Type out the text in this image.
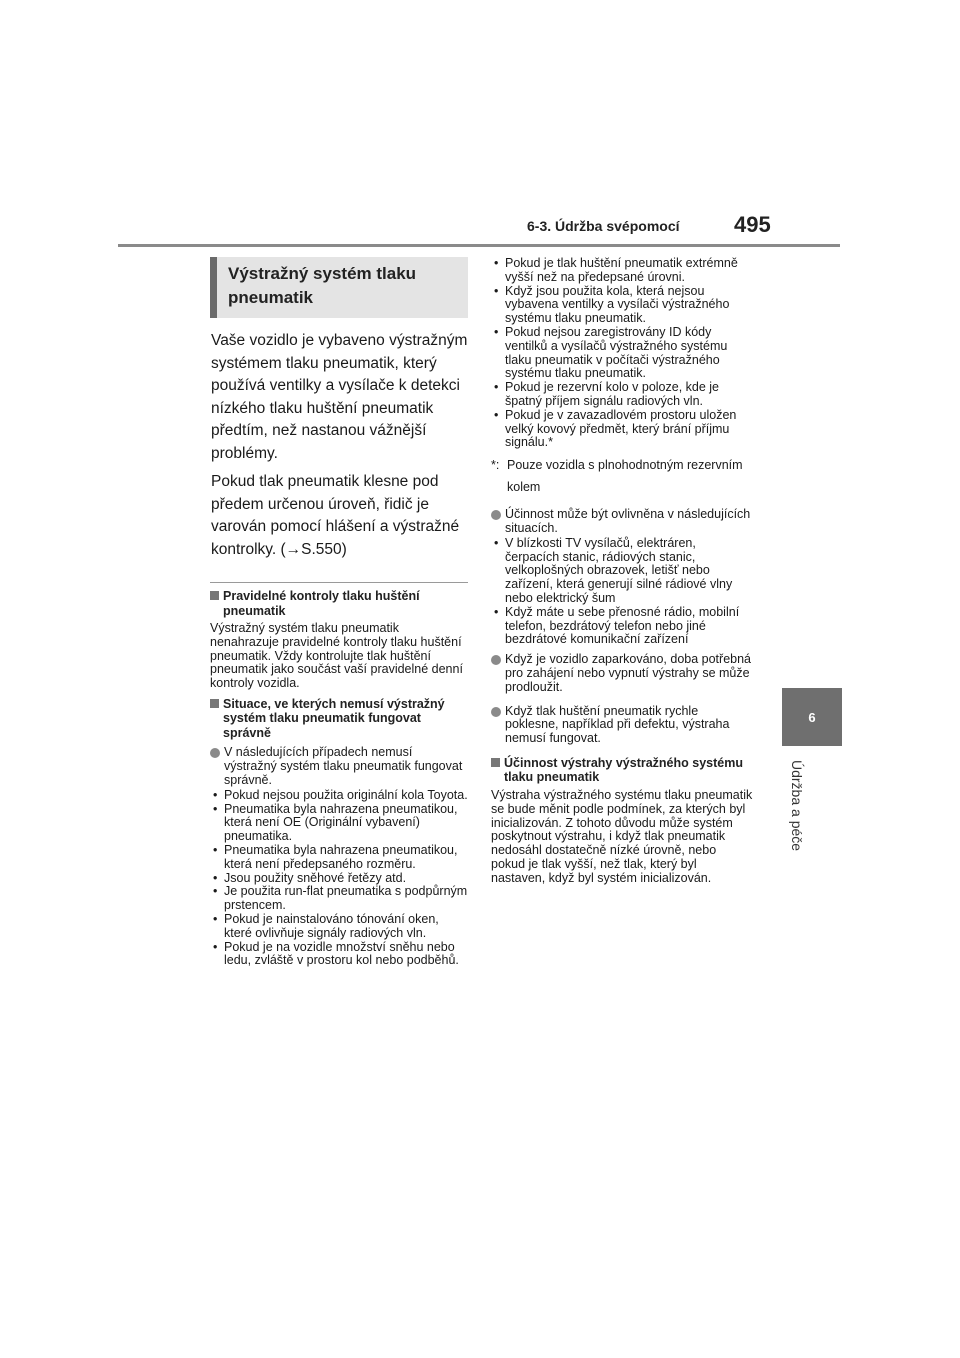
6-3. Údržba svépomocí 495
6
Údržba a péče
Výstražný systém tlaku pneumatik

Vaše vozidlo je vybaveno výstražným systémem tlaku pneumatik, který používá ventilky a vysílače k detekci nízkého tlaku huštění pneumatik předtím, než nastanou vážnější problémy.

Pokud tlak pneumatik klesne pod předem určenou úroveň, řidič je varován pomocí hlášení a výstražné kontrolky. (→S.550)

Pravidelné kontroly tlaku huštění pneumatik

Výstražný systém tlaku pneumatik nenahrazuje pravidelné kontroly tlaku huštění pneumatik. Vždy kontrolujte tlak huštění pneumatik jako součást vaší pravidelné denní kontroly vozidla.

Situace, ve kterých nemusí výstražný systém tlaku pneumatik fungovat správně
V následujících případech nemusí výstražný systém tlaku pneumatik fungovat správně.
• Pokud nejsou použita originální kola Toyota.
• Pneumatika byla nahrazena pneumatikou, která není OE (Originální vybavení) pneumatika.
• Pneumatika byla nahrazena pneumatikou, která není předepsaného rozměru.
• Jsou použity sněhové řetězy atd.
• Je použita run-flat pneumatika s podpůrným prstencem.
• Pokud je nainstalováno tónování oken, které ovlivňuje signály radiových vln.
• Pokud je na vozidle množství sněhu nebo ledu, zvláště v prostoru kol nebo podběhů.
• Pokud je tlak huštění pneumatik extrémně vyšší než na předepsané úrovni.
• Když jsou použita kola, která nejsou vybavena ventilky a vysílači výstražného systému tlaku pneumatik.
• Pokud nejsou zaregistrovány ID kódy ventilků a vysílačů výstražného systému tlaku pneumatik v počítači výstražného systému tlaku pneumatik.
• Pokud je rezervní kolo v poloze, kde je špatný příjem signálu radiových vln.
• Pokud je v zavazadlovém prostoru uložen velký kovový předmět, který brání příjmu signálu.*
*: Pouze vozidla s plnohodnotným rezervním kolem
Účinnost může být ovlivněna v následujících situacích.
• V blízkosti TV vysílačů, elektráren, čerpacích stanic, rádiových stanic, velkoplošných obrazovek, letišť nebo zařízení, která generují silné rádiové vlny nebo elektrický šum
• Když máte u sebe přenosné rádio, mobilní telefon, bezdrátový telefon nebo jiné bezdrátové komunikační zařízení
Když je vozidlo zaparkováno, doba potřebná pro zahájení nebo vypnutí výstrahy se může prodloužit.
Když tlak huštění pneumatik rychle poklesne, například při defektu, výstraha nemusí fungovat.
Účinnost výstrahy výstražného systému tlaku pneumatik

Výstraha výstražného systému tlaku pneumatik se bude měnit podle podmínek, za kterých byl inicializován. Z tohoto důvodu může systém poskytnout výstrahu, i když tlak pneumatik nedosáhl dostatečně nízké úrovně, nebo pokud je tlak vyšší, než tlak, který byl nastaven, když byl systém inicializován.
